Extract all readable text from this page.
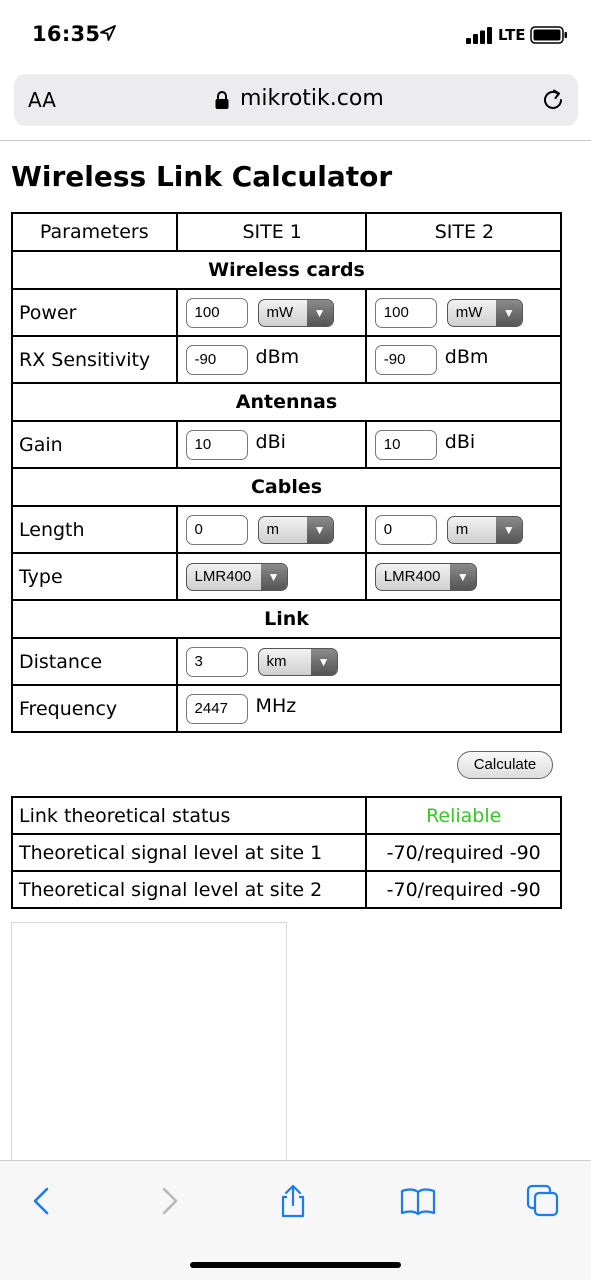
16:35	LTE
AA	mikrotik.com
Wireless Link Calculator
Parameters	SITE 1	SITE 2
Wireless cards		
Power	100 mW ▼	100 mW ▼

RX Sensitivity	-90 dBm	-90 dBm
Antennas		
Gain	10 dBi	10 dBi
Cables		
Length	0 m ▼	0 m ▼

Type	LMR400 ▼	LMR400 ▼

Link		
Distance	3 km ▼	

Frequency	2447 MHz	
Calculate
Link theoretical status	Reliable
Theoretical signal level at site 1	-70/required -90
Theoretical signal level at site 2	-70/required -90
